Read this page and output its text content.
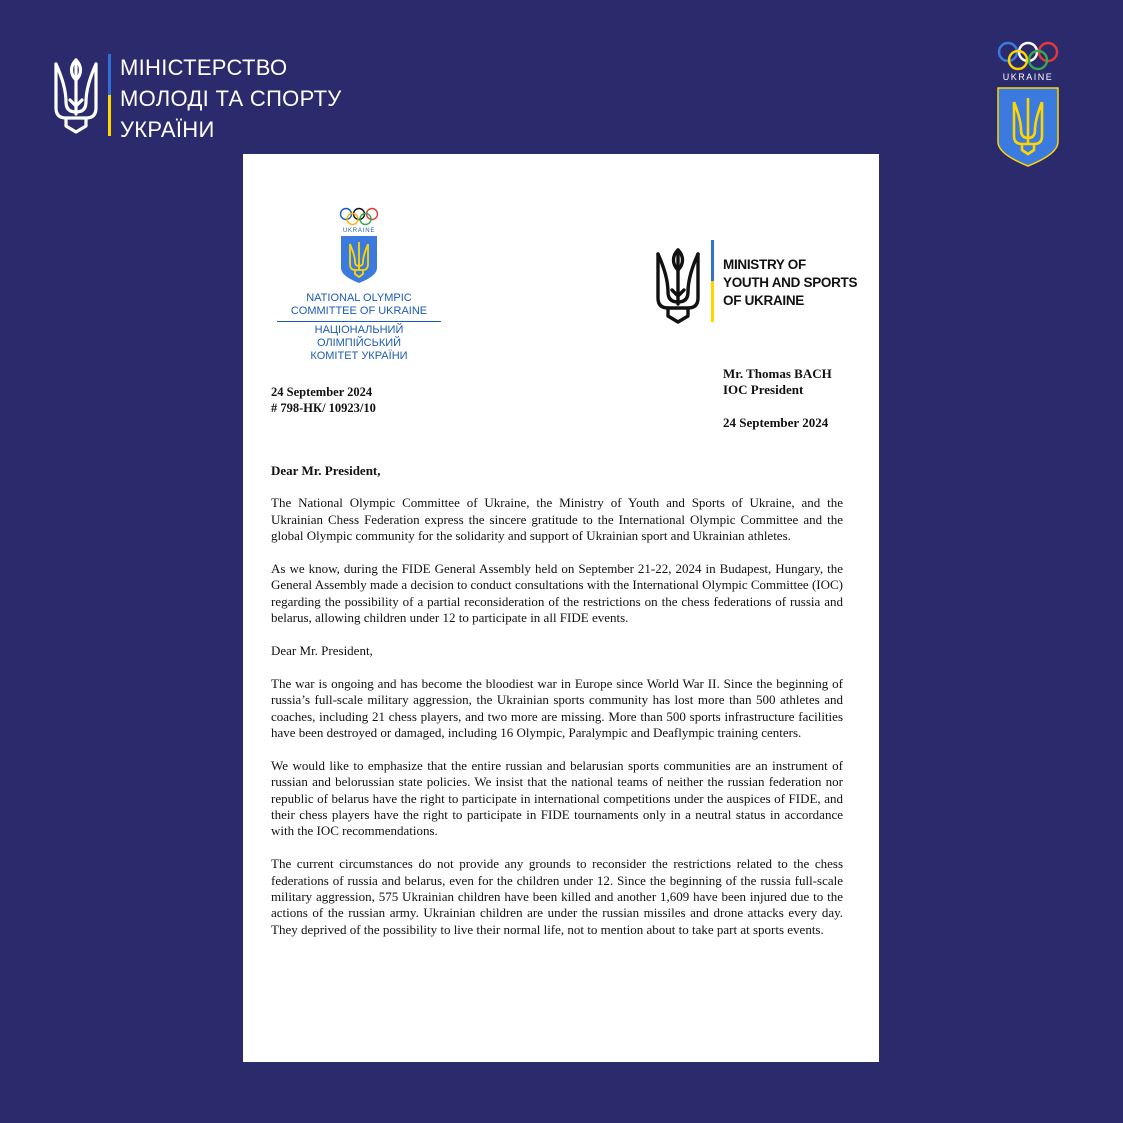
МІНІСТЕРСТВО
МОЛОДІ ТА СПОРТУ
УКРАЇНИ
UKRAINE
UKRAINE
NATIONAL OLYMPIC
COMMITTEE OF UKRAINE
НАЦІОНАЛЬНИЙ ОЛІМПІЙСЬКИЙ
КОМІТЕТ УКРАЇНИ
MINISTRY OF
YOUTH AND SPORTS
OF UKRAINE
Mr. Thomas BACH
IOC President
24 September 2024
24 September 2024
# 798-НК/ 10923/10

Dear Mr. President,

The National Olympic Committee of Ukraine, the Ministry of Youth and Sports of Ukraine, and the Ukrainian Chess Federation express the sincere gratitude to the International Olympic Committee and the global Olympic community for the solidarity and support of Ukrainian sport and Ukrainian athletes.

As we know, during the FIDE General Assembly held on September 21-22, 2024 in Budapest, Hungary, the General Assembly made a decision to conduct consultations with the International Olympic Committee (IOC) regarding the possibility of a partial reconsideration of the restrictions on the chess federations of russia and belarus, allowing children under 12 to participate in all FIDE events.

Dear Mr. President,

The war is ongoing and has become the bloodiest war in Europe since World War II. Since the beginning of russia’s full-scale military aggression, the Ukrainian sports community has lost more than 500 athletes and coaches, including 21 chess players, and two more are missing. More than 500 sports infrastructure facilities have been destroyed or damaged, including 16 Olympic, Paralympic and Deaflympic training centers.

We would like to emphasize that the entire russian and belarusian sports communities are an instrument of russian and belorussian state policies. We insist that the national teams of neither the russian federation nor republic of belarus have the right to participate in international competitions under the auspices of FIDE, and their chess players have the right to participate in FIDE tournaments only in a neutral status in accordance with the IOC recommendations.

The current circumstances do not provide any grounds to reconsider the restrictions related to the chess federations of russia and belarus, even for the children under 12. Since the beginning of the russia full-scale military aggression, 575 Ukrainian children have been killed and another 1,609 have been injured due to the actions of the russian army. Ukrainian children are under the russian missiles and drone attacks every day. They deprived of the possibility to live their normal life, not to mention about to take part at sports events.
